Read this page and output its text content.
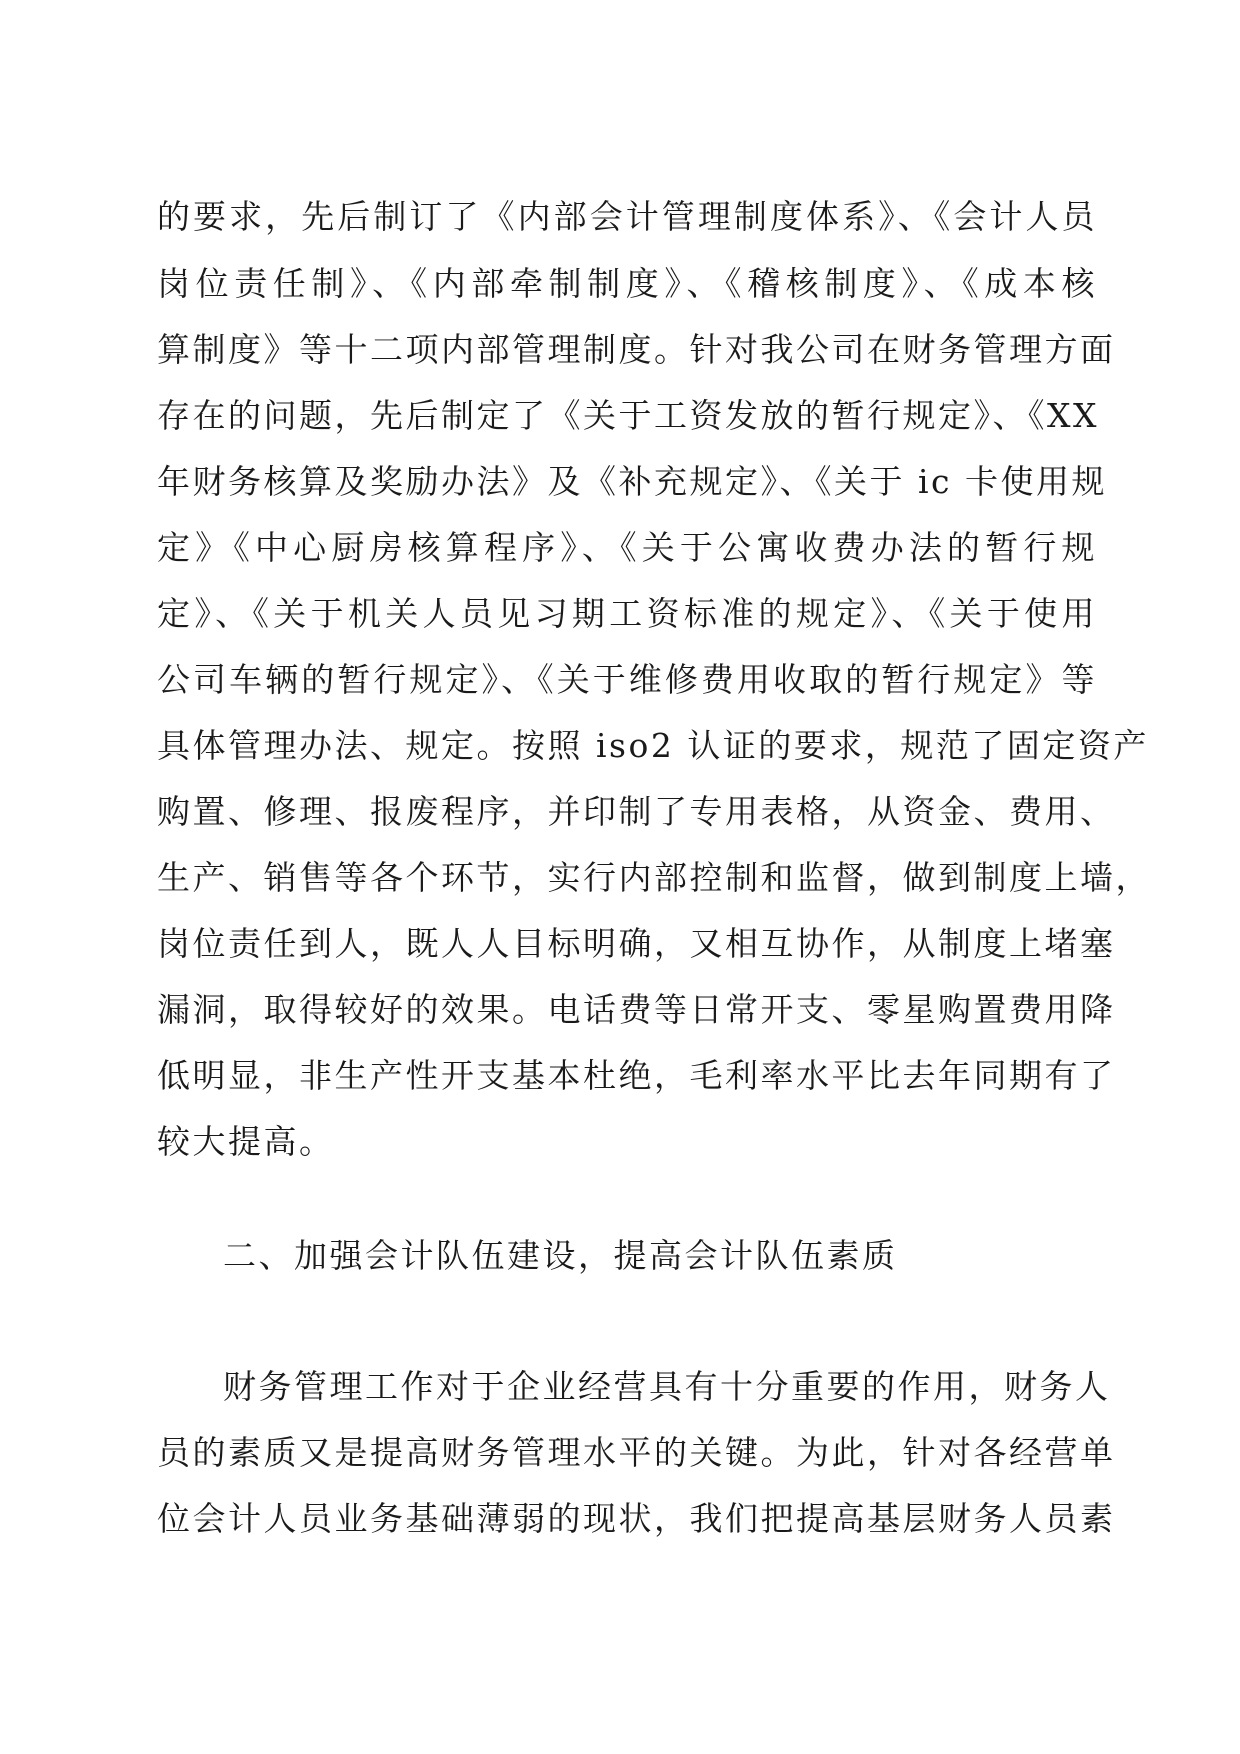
的要求，先后制订了《内部会计管理制度体系》、《会计人员
岗位责任制》、《内部牵制制度》、《稽核制度》、《成本核
算制度》等十二项内部管理制度。针对我公司在财务管理方面
存在的问题，先后制定了《关于工资发放的暂行规定》、《XX
年财务核算及奖励办法》及《补充规定》、《关于 ic 卡使用规
定》《中心厨房核算程序》、《关于公寓收费办法的暂行规
定》、《关于机关人员见习期工资标准的规定》、《关于使用
公司车辆的暂行规定》、《关于维修费用收取的暂行规定》等
具体管理办法、规定。按照 iso2 认证的要求，规范了固定资产
购置、修理、报废程序，并印制了专用表格，从资金、费用、
生产、销售等各个环节，实行内部控制和监督，做到制度上墙，
岗位责任到人，既人人目标明确，又相互协作，从制度上堵塞
漏洞，取得较好的效果。电话费等日常开支、零星购置费用降
低明显，非生产性开支基本杜绝，毛利率水平比去年同期有了
较大提高。
二、加强会计队伍建设，提高会计队伍素质
财务管理工作对于企业经营具有十分重要的作用，财务人
员的素质又是提高财务管理水平的关键。为此，针对各经营单
位会计人员业务基础薄弱的现状，我们把提高基层财务人员素
